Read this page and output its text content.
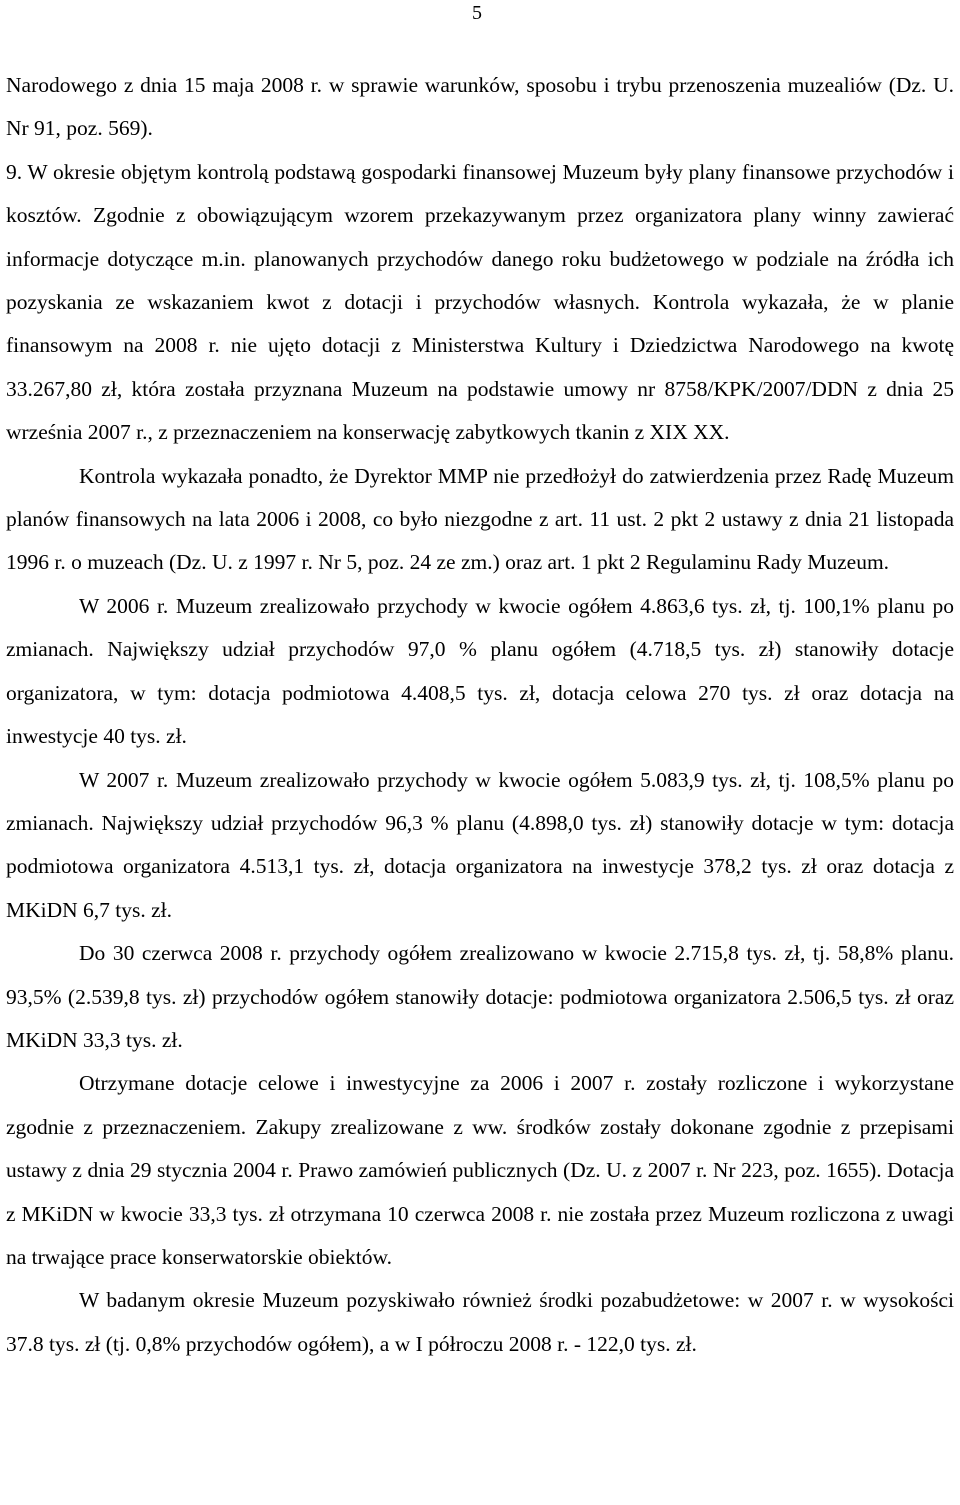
5

Narodowego z dnia 15 maja 2008 r. w sprawie warunków, sposobu i trybu przenoszenia muzealiów (Dz. U. Nr 91, poz. 569).

9. W okresie objętym kontrolą podstawą gospodarki finansowej Muzeum były plany finansowe przychodów i kosztów. Zgodnie z obowiązującym wzorem przekazywanym przez organizatora plany winny zawierać informacje dotyczące m.in. planowanych przychodów danego roku budżetowego w podziale na źródła ich pozyskania ze wskazaniem kwot z dotacji i przychodów własnych. Kontrola wykazała, że w planie finansowym na 2008 r. nie ujęto dotacji z Ministerstwa Kultury i Dziedzictwa Narodowego na kwotę 33.267,80 zł, która została przyznana Muzeum na podstawie umowy nr 8758/KPK/2007/DDN z dnia 25 września 2007 r., z przeznaczeniem na konserwację zabytkowych tkanin z XIX XX.

Kontrola wykazała ponadto, że Dyrektor MMP nie przedłożył do zatwierdzenia przez Radę Muzeum planów finansowych na lata 2006 i 2008, co było niezgodne z art. 11 ust. 2 pkt 2 ustawy z dnia 21 listopada 1996 r. o muzeach (Dz. U. z 1997 r. Nr 5, poz. 24 ze zm.) oraz art. 1 pkt 2 Regulaminu Rady Muzeum.

W 2006 r. Muzeum zrealizowało przychody w kwocie ogółem 4.863,6 tys. zł, tj. 100,1% planu po zmianach. Największy udział przychodów 97,0 % planu ogółem (4.718,5 tys. zł) stanowiły dotacje organizatora, w tym: dotacja podmiotowa 4.408,5 tys. zł, dotacja celowa 270 tys. zł oraz dotacja na inwestycje 40 tys. zł.

W 2007 r. Muzeum zrealizowało przychody w kwocie ogółem 5.083,9 tys. zł, tj. 108,5% planu po zmianach. Największy udział przychodów 96,3 % planu (4.898,0 tys. zł) stanowiły dotacje w tym: dotacja podmiotowa organizatora 4.513,1 tys. zł, dotacja organizatora na inwestycje 378,2 tys. zł oraz dotacja z MKiDN 6,7 tys. zł.

Do 30 czerwca 2008 r. przychody ogółem zrealizowano w kwocie 2.715,8 tys. zł, tj. 58,8% planu. 93,5% (2.539,8 tys. zł) przychodów ogółem stanowiły dotacje: podmiotowa organizatora 2.506,5 tys. zł oraz MKiDN 33,3 tys. zł.

Otrzymane dotacje celowe i inwestycyjne za 2006 i 2007 r. zostały rozliczone i wykorzystane zgodnie z przeznaczeniem. Zakupy zrealizowane z ww. środków zostały dokonane zgodnie z przepisami ustawy z dnia 29 stycznia 2004 r. Prawo zamówień publicznych (Dz. U. z 2007 r. Nr 223, poz. 1655). Dotacja z MKiDN w kwocie 33,3 tys. zł otrzymana 10 czerwca 2008 r. nie została przez Muzeum rozliczona z uwagi na trwające prace konserwatorskie obiektów.

W badanym okresie Muzeum pozyskiwało również środki pozabudżetowe: w 2007 r. w wysokości 37.8 tys. zł (tj. 0,8% przychodów ogółem), a w I półroczu 2008 r. - 122,0 tys. zł.
